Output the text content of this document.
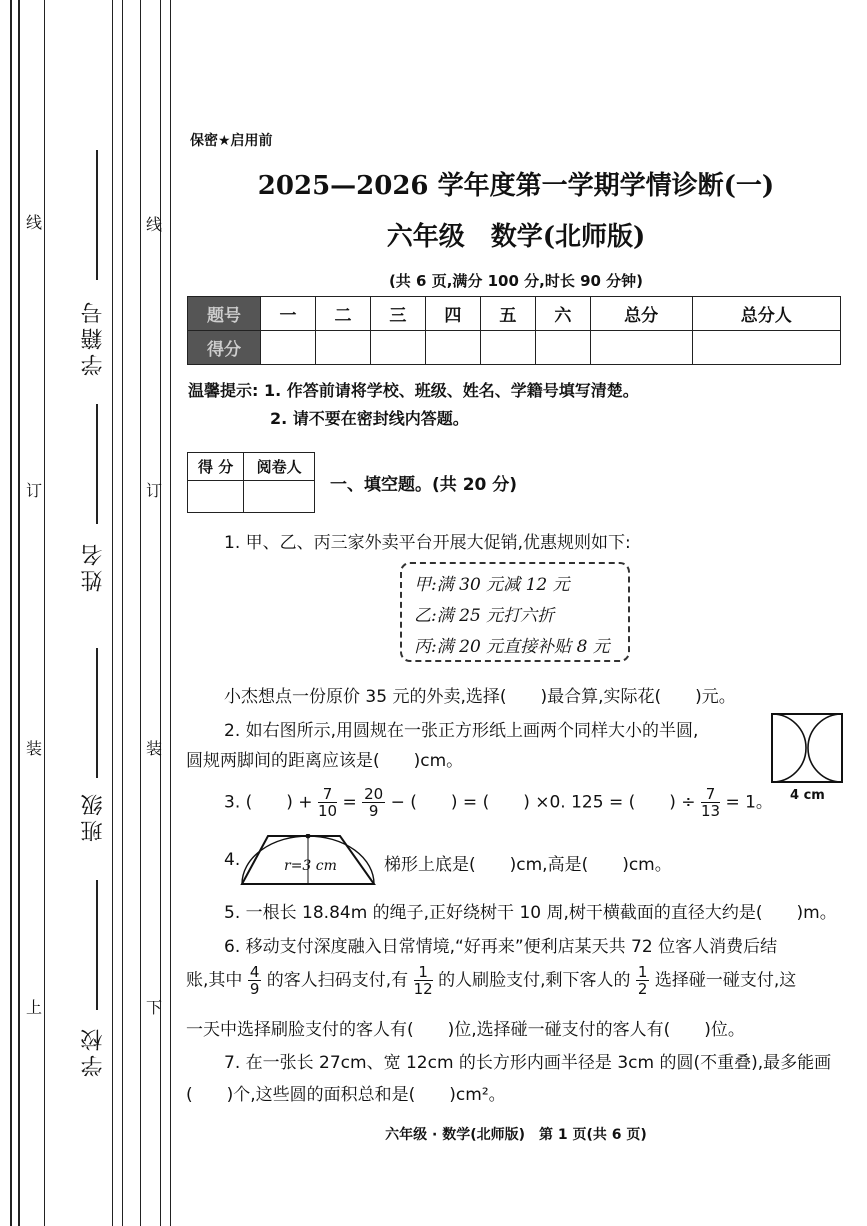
线
订
装
上
线
订
装
下
学籍号
姓名
班级
学校
保密★启用前
2025—2026 学年度第一学期学情诊断(一)
六年级　数学(北师版)
(共 6 页,满分 100 分,时长 90 分钟)
题号	一	二	三	四	五	六	总分	总分人
得分								
温馨提示: 1. 作答前请将学校、班级、姓名、学籍号填写清楚。
2. 请不要在密封线内答题。
得 分	阅卷人

一、填空题。(共 20 分)
1. 甲、乙、丙三家外卖平台开展大促销,优惠规则如下:
甲:满 30 元减 12 元
乙:满 25 元打六折
丙:满 20 元直接补贴 8 元
小杰想点一份原价 35 元的外卖,选择(　　)最合算,实际花(　　)元。
2. 如右图所示,用圆规在一张正方形纸上画两个同样大小的半圆,
圆规两脚间的距离应该是(　　)cm。
4 cm
3. (　　) + $\frac{7}{10} = \frac{20}{9}$ − (　　) = (　　) ×0. 125 = (　　) ÷ $\frac{7}{13} = 1$。
4.	r=3 cm	梯形上底是(　　)cm,高是(　　)cm。
5. 一根长 18.84m 的绳子,正好绕树干 10 周,树干横截面的直径大约是(　　)m。
6. 移动支付深度融入日常情境,“好再来”便利店某天共 72 位客人消费后结
账,其中 $\frac{4}{9}$ 的客人扫码支付,有 $\frac{1}{12}$ 的人刷脸支付,剩下客人的 $\frac{1}{2}$ 选择碰一碰支付,这
一天中选择刷脸支付的客人有(　　)位,选择碰一碰支付的客人有(　　)位。
7. 在一张长 27cm、宽 12cm 的长方形内画半径是 3cm 的圆(不重叠),最多能画
(　　)个,这些圆的面积总和是(　　)cm²。
六年级 · 数学(北师版)　第 1 页(共 6 页)
